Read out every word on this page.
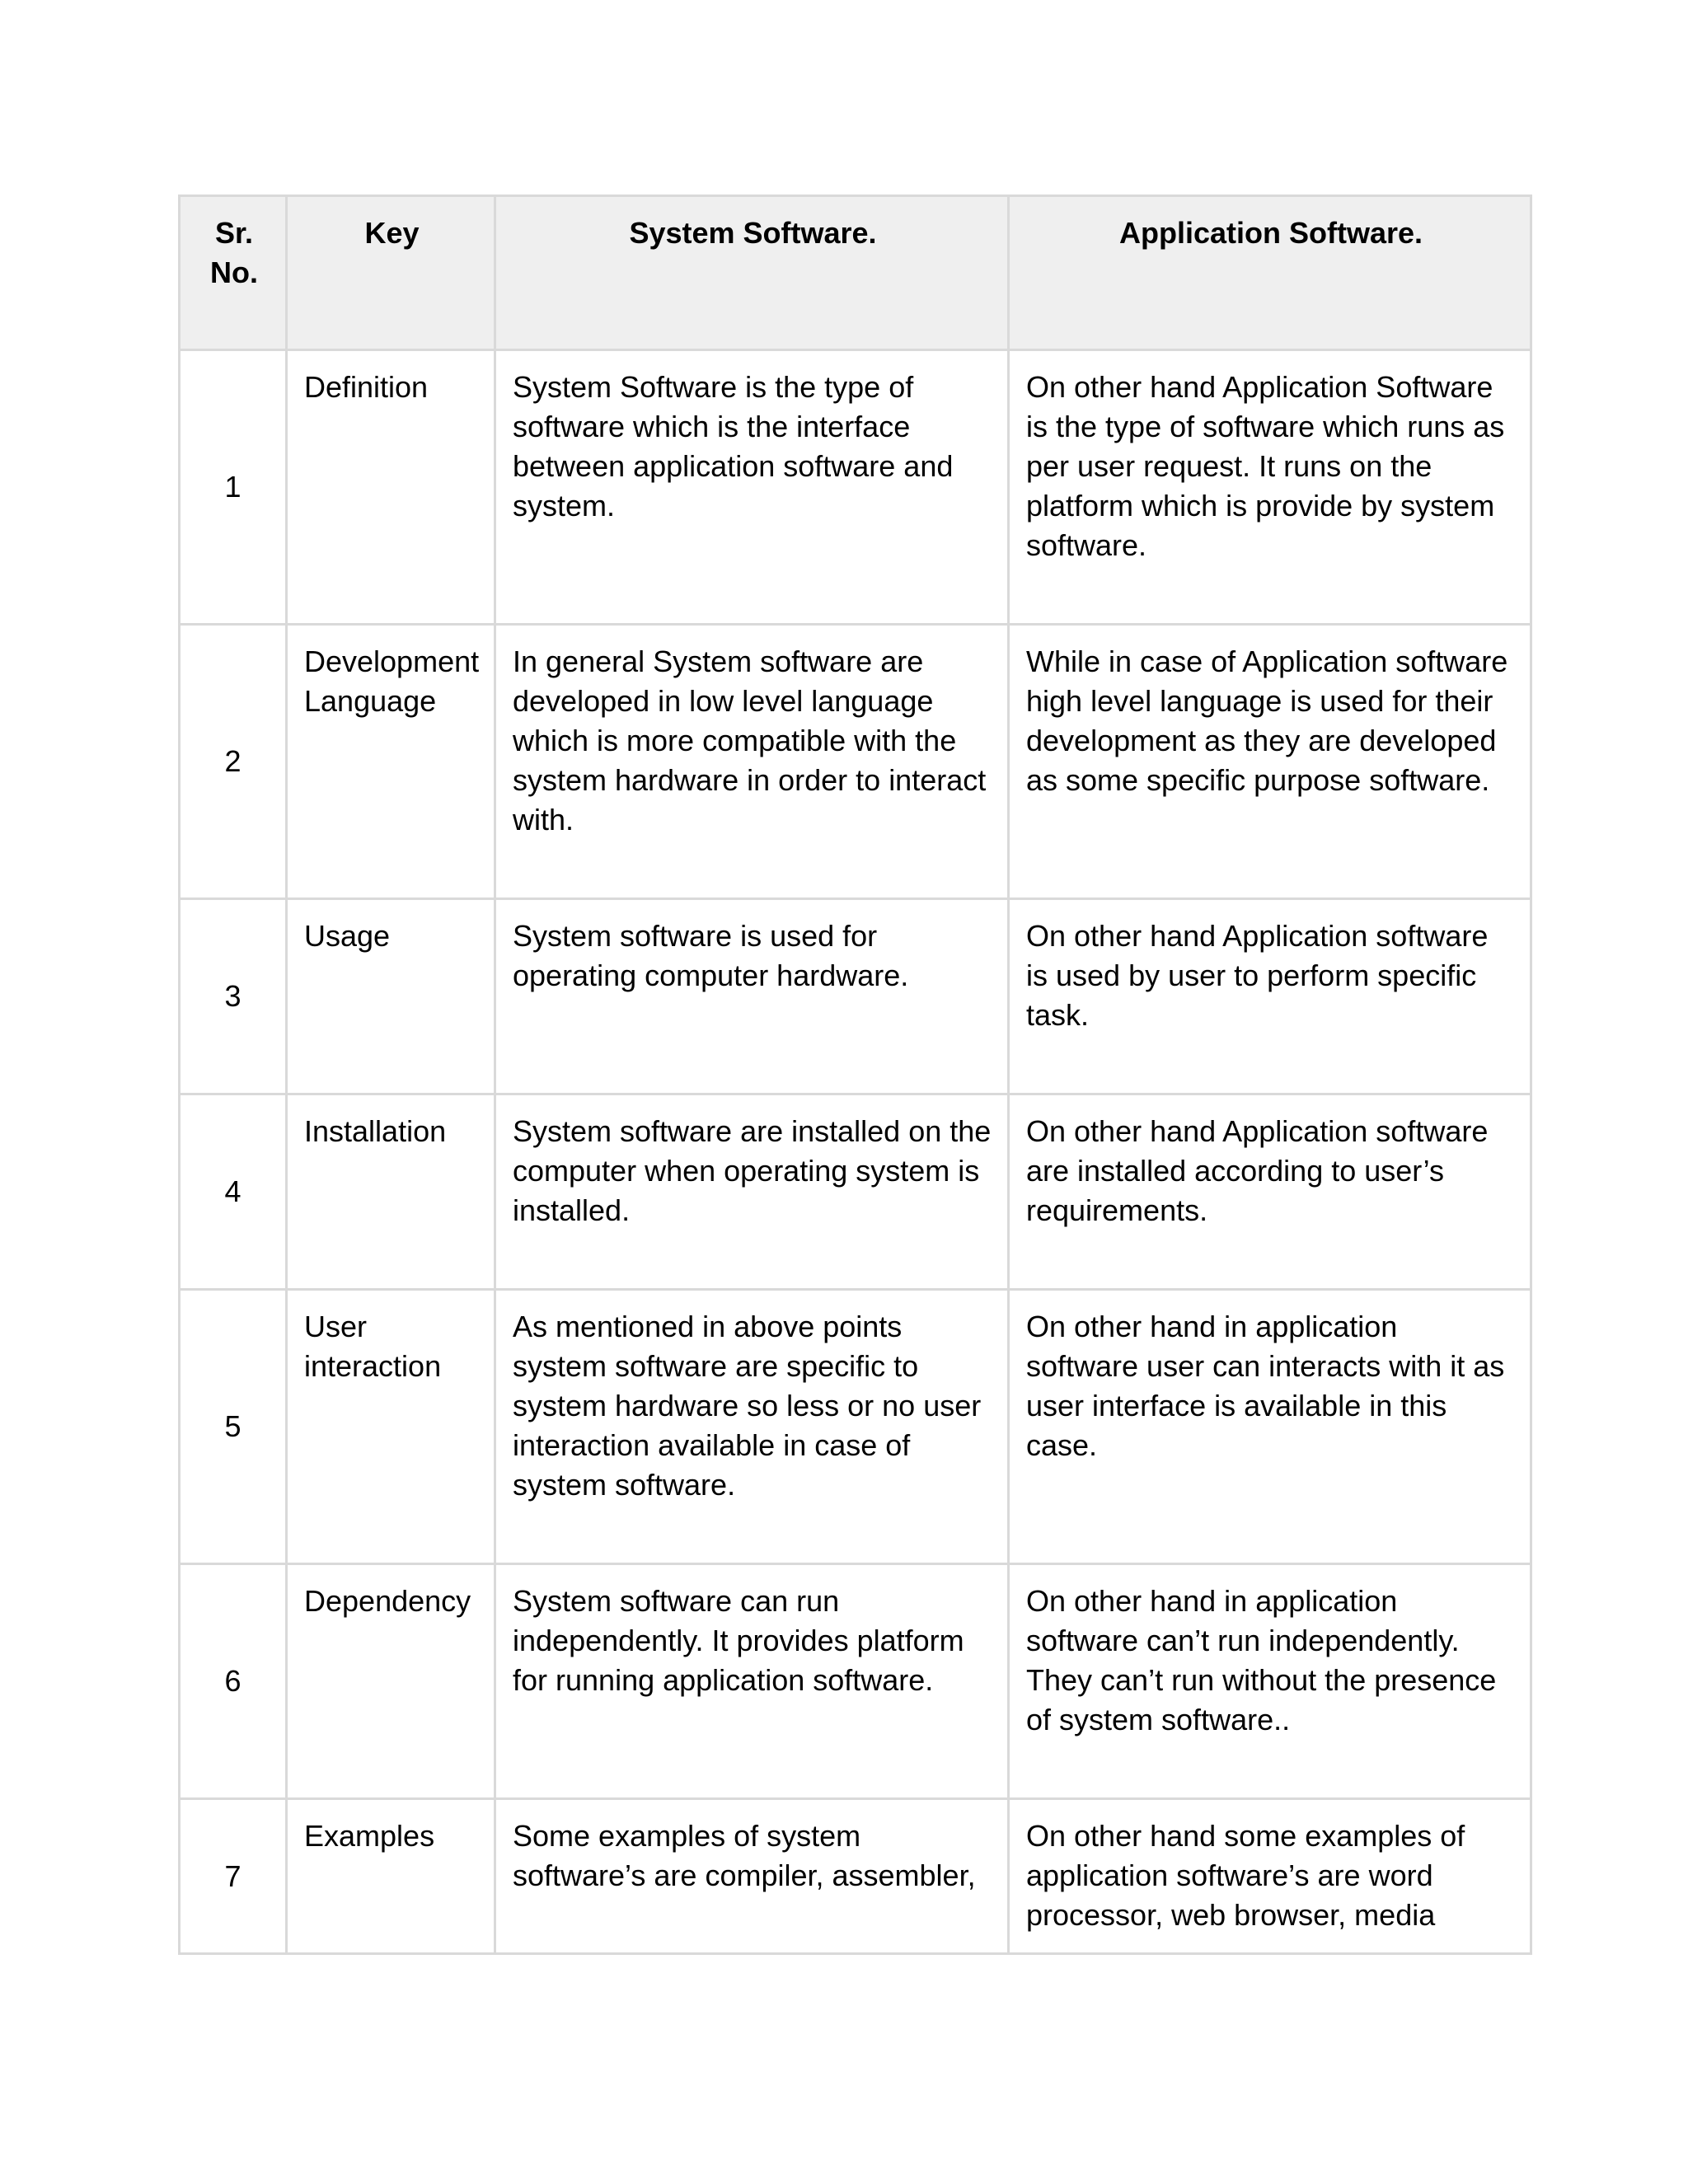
Sr. No.	Key	System Software.	Application Software.
1	Definition	System Software is the type of software which is the interface between application software and system.	On other hand Application Software is the type of software which runs as per user request. It runs on the platform which is provide by system software.
2	Development Language	In general System software are developed in low level language which is more compatible with the system hardware in order to interact with.	While in case of Application software high level language is used for their development as they are developed as some specific purpose software.
3	Usage	System software is used for operating computer hardware.	On other hand Application software is used by user to perform specific task.
4	Installation	System software are installed on the computer when operating system is installed.	On other hand Application software are installed according to user’s requirements.
5	User interaction	As mentioned in above points system software are specific to system hardware so less or no user interaction available in case of system software.	On other hand in application software user can interacts with it as user interface is available in this case.
6	Dependency	System software can run independently. It provides platform for running application software.	On other hand in application software can’t run independently. They can’t run without the presence of system software..
7	Examples	Some examples of system software’s are compiler, assembler,	On other hand some examples of application software’s are word processor, web browser, media
